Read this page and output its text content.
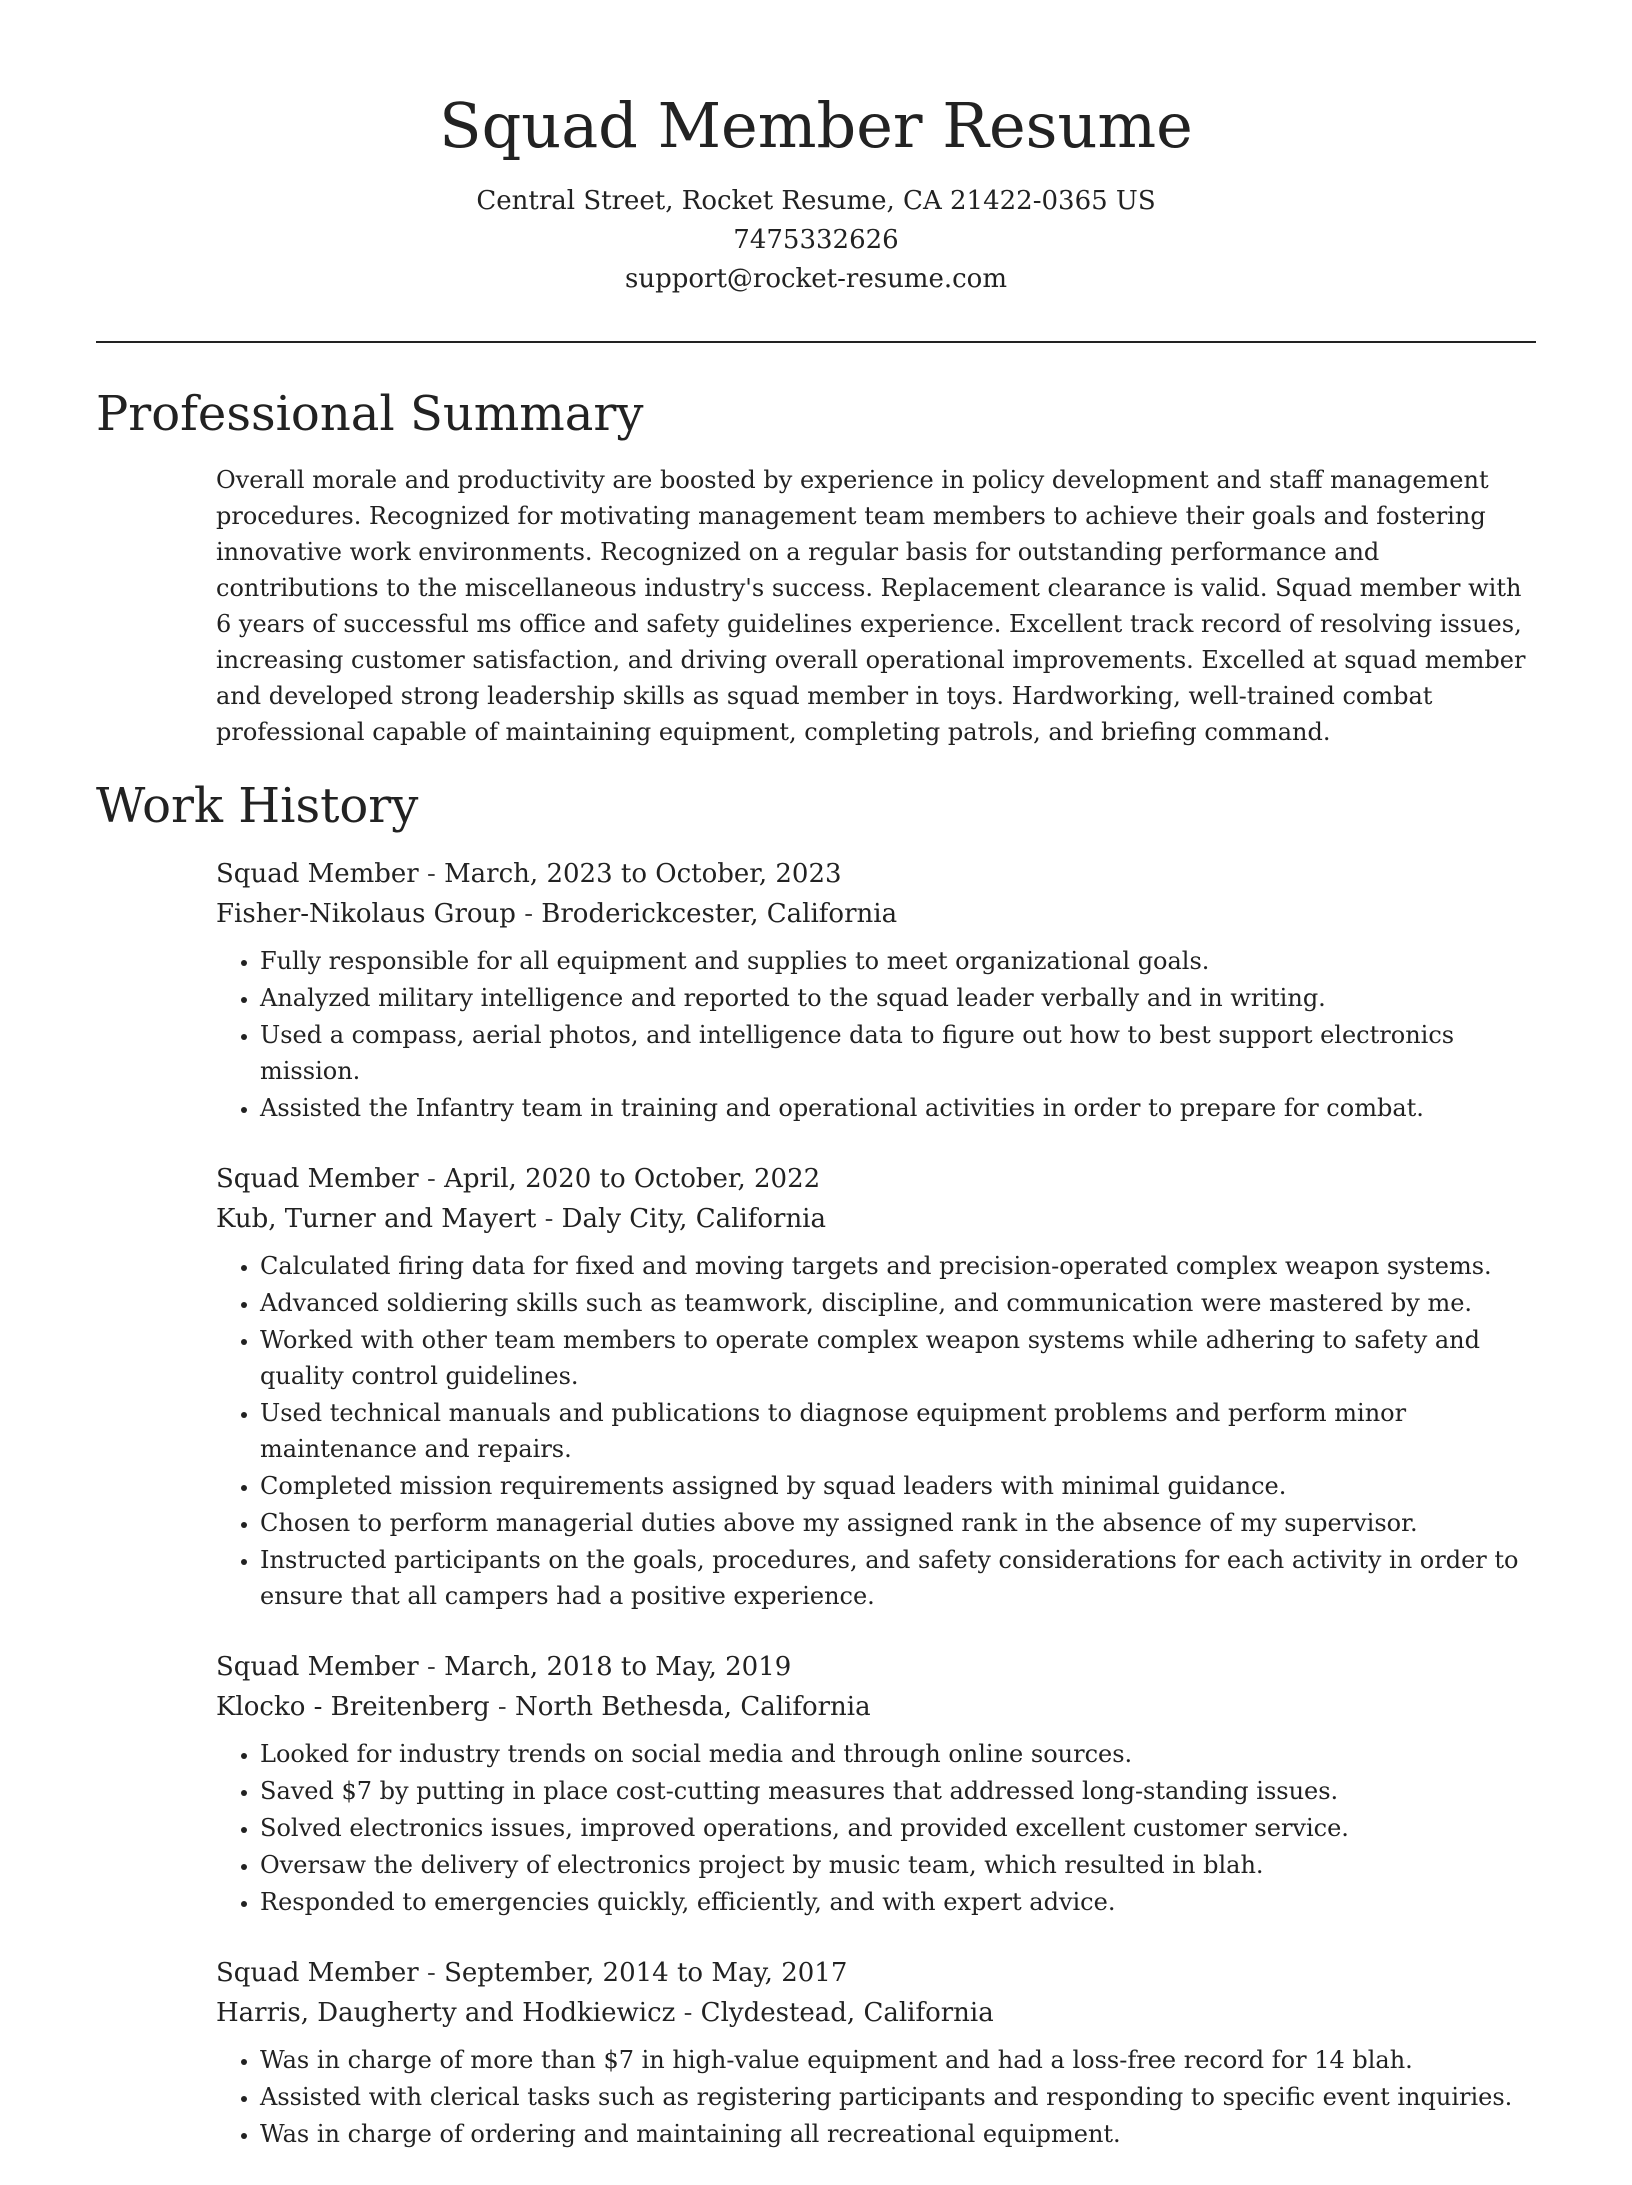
Squad Member Resume
Central Street, Rocket Resume, CA 21422-0365 US
7475332626
support@rocket-resume.com
Professional Summary

Overall morale and productivity are boosted by experience in policy development and staff management procedures. Recognized for motivating management team members to achieve their goals and fostering innovative work environments. Recognized on a regular basis for outstanding performance and contributions to the miscellaneous industry's success. Replacement clearance is valid. Squad member with 6 years of successful ms office and safety guidelines experience. Excellent track record of resolving issues, increasing customer satisfaction, and driving overall operational improvements. Excelled at squad member and developed strong leadership skills as squad member in toys. Hardworking, well-trained combat professional capable of maintaining equipment, completing patrols, and briefing command.

Work History
Squad Member - March, 2023 to October, 2023
Fisher-Nikolaus Group - Broderickcester, California
• Fully responsible for all equipment and supplies to meet organizational goals.
• Analyzed military intelligence and reported to the squad leader verbally and in writing.
• Used a compass, aerial photos, and intelligence data to figure out how to best support electronics mission.
• Assisted the Infantry team in training and operational activities in order to prepare for combat.
Squad Member - April, 2020 to October, 2022
Kub, Turner and Mayert - Daly City, California
• Calculated firing data for fixed and moving targets and precision-operated complex weapon systems.
• Advanced soldiering skills such as teamwork, discipline, and communication were mastered by me.
• Worked with other team members to operate complex weapon systems while adhering to safety and quality control guidelines.
• Used technical manuals and publications to diagnose equipment problems and perform minor maintenance and repairs.
• Completed mission requirements assigned by squad leaders with minimal guidance.
• Chosen to perform managerial duties above my assigned rank in the absence of my supervisor.
• Instructed participants on the goals, procedures, and safety considerations for each activity in order to ensure that all campers had a positive experience.
Squad Member - March, 2018 to May, 2019
Klocko - Breitenberg - North Bethesda, California
• Looked for industry trends on social media and through online sources.
• Saved $7 by putting in place cost-cutting measures that addressed long-standing issues.
• Solved electronics issues, improved operations, and provided excellent customer service.
• Oversaw the delivery of electronics project by music team, which resulted in blah.
• Responded to emergencies quickly, efficiently, and with expert advice.
Squad Member - September, 2014 to May, 2017
Harris, Daugherty and Hodkiewicz - Clydestead, California
• Was in charge of more than $7 in high-value equipment and had a loss-free record for 14 blah.
• Assisted with clerical tasks such as registering participants and responding to specific event inquiries.
• Was in charge of ordering and maintaining all recreational equipment.
